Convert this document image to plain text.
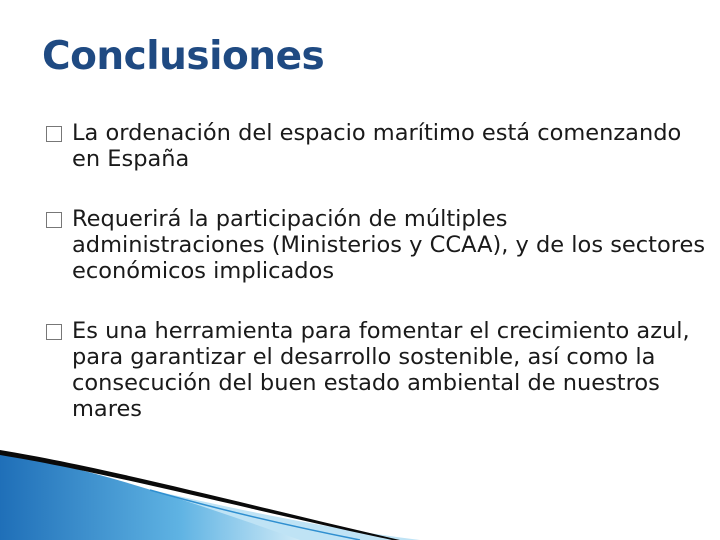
Conclusiones
La ordenación del espacio marítimo está comenzando en España
Requerirá la participación de múltiples administraciones (Ministerios y CCAA), y de los sectores económicos implicados
Es una herramienta para fomentar el crecimiento azul, para garantizar el desarrollo sostenible, así como la consecución del buen estado ambiental de nuestros mares
